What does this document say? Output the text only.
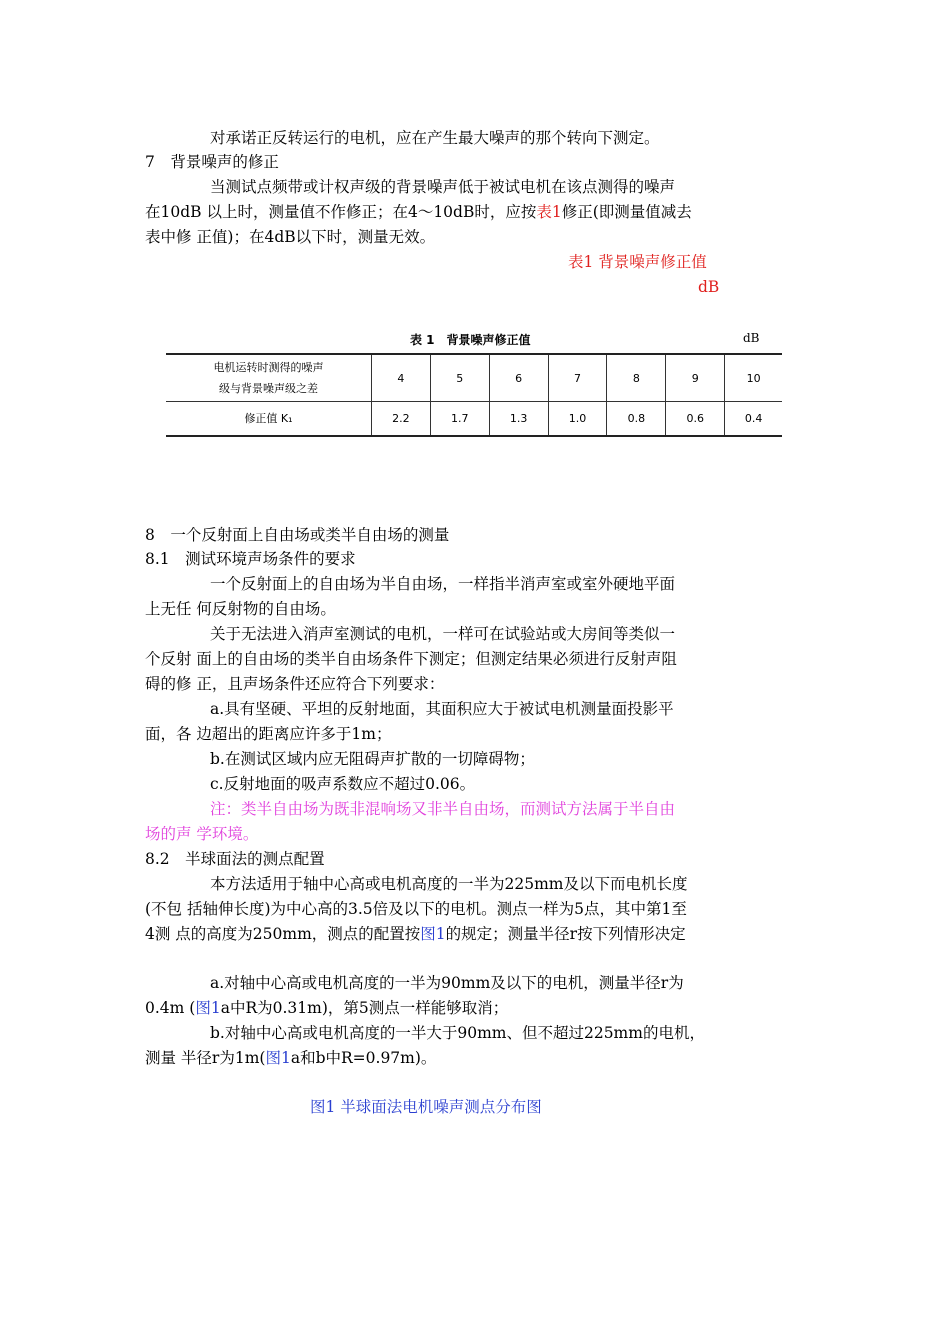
对承诺正反转运行的电机，应在产生最大噪声的那个转向下测定。
7　背景噪声的修正
当测试点频带或计权声级的背景噪声低于被试电机在该点测得的噪声
在10dB 以上时，测量值不作修正；在4～10dB时，应按表1修正(即测量值减去
表中修 正值)；在4dB以下时，测量无效。
表1 背景噪声修正值
dB
表 1　背景噪声修正值	dB
电机运转时测得的噪声
级与背景噪声级之差	4	5	6	7	8	9	10
修正值 K₁	2.2	1.7	1.3	1.0	0.8	0.6	0.4
8　一个反射面上自由场或类半自由场的测量
8.1　测试环境声场条件的要求
一个反射面上的自由场为半自由场，一样指半消声室或室外硬地平面
上无任 何反射物的自由场。
关于无法进入消声室测试的电机，一样可在试验站或大房间等类似一
个反射 面上的自由场的类半自由场条件下测定；但测定结果必须进行反射声阻
碍的修 正，且声场条件还应符合下列要求：
a.具有坚硬、平坦的反射地面，其面积应大于被试电机测量面投影平
面，各 边超出的距离应许多于1m；
b.在测试区域内应无阻碍声扩散的一切障碍物；
c.反射地面的吸声系数应不超过0.06。
注：类半自由场为既非混响场又非半自由场，而测试方法属于半自由
场的声 学环境。
8.2　半球面法的测点配置
本方法适用于轴中心高或电机高度的一半为225mm及以下而电机长度
(不包 括轴伸长度)为中心高的3.5倍及以下的电机。测点一样为5点，其中第1至
4测 点的高度为250mm，测点的配置按图1的规定；测量半径r按下列情形决定
a.对轴中心高或电机高度的一半为90mm及以下的电机，测量半径r为
0.4m (图1a中R为0.31m)，第5测点一样能够取消；
b.对轴中心高或电机高度的一半大于90mm、但不超过225mm的电机，
测量 半径r为1m(图1a和b中R=0.97m)。
图1 半球面法电机噪声测点分布图
